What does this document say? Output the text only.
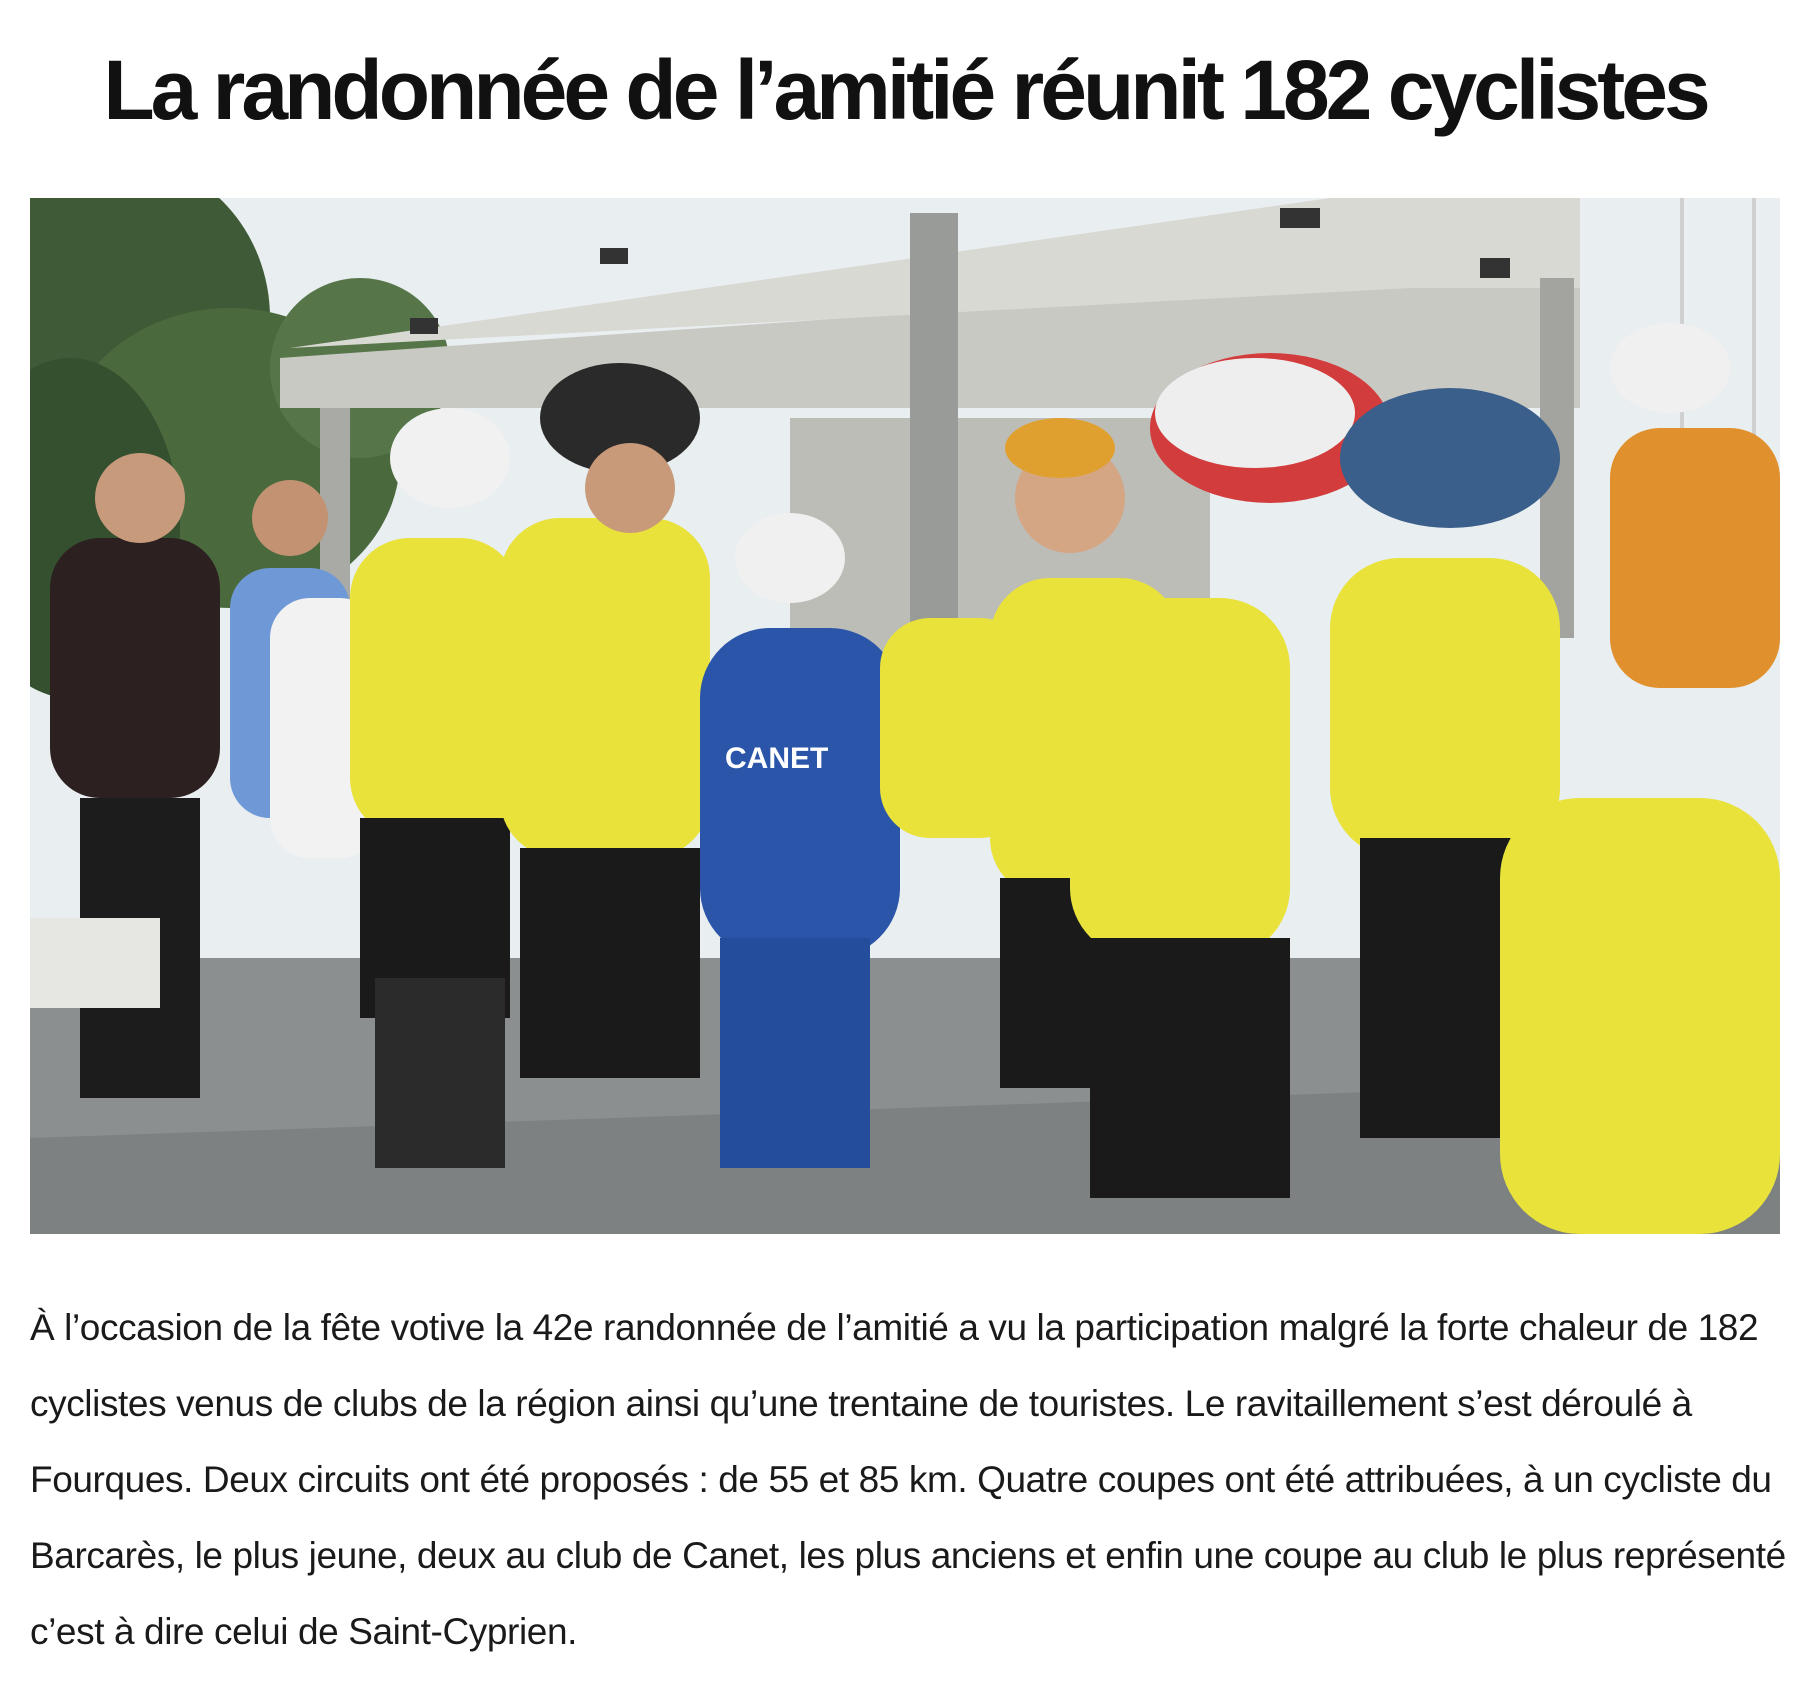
La randonnée de l’amitié réunit 182 cyclistes
CANET

À l’occasion de la fête votive la 42e randonnée de l’amitié a vu la participation malgré la forte chaleur de 182 cyclistes venus de clubs de la région ainsi qu’une trentaine de touristes. Le ravitaillement s’est déroulé à Fourques. Deux circuits ont été proposés : de 55 et 85 km. Quatre coupes ont été attribuées, à un cycliste du Barcarès, le plus jeune, deux au club de Canet, les plus anciens et enfin une coupe au club le plus représenté c’est à dire celui de Saint-Cyprien.
